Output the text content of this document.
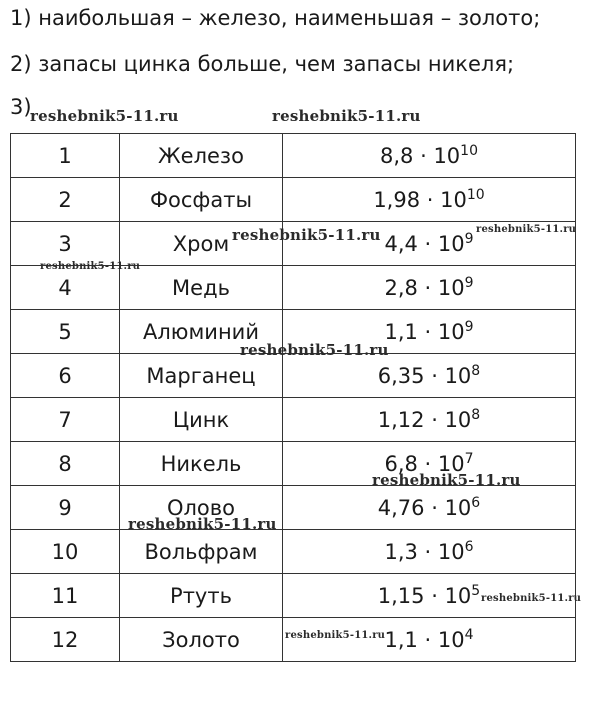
1) наибольшая – железо, наименьшая – золото;
2) запасы цинка больше, чем запасы никеля;
3)
1	Железо	$8,8 \cdot 10^{10}$
2	Фосфаты	$1,98 \cdot 10^{10}$
3	Хром	$4,4 \cdot 10^9$
4	Медь	$2,8 \cdot 10^9$
5	Алюминий	$1,1 \cdot 10^9$
6	Марганец	$6,35 \cdot 10^8$
7	Цинк	$1,12 \cdot 10^8$
8	Никель	$6,8 \cdot 10^7$
9	Олово	$4,76 \cdot 10^6$
10	Вольфрам	$1,3 \cdot 10^6$
11	Ртуть	$1,15 \cdot 10^5$
12	Золото	$1,1 \cdot 10^4$
reshebnik5-11.ru	reshebnik5-11.ru
reshebnik5-11.ru	reshebnik5-11.ru
reshebnik5-11.ru
reshebnik5-11.ru
reshebnik5-11.ru
reshebnik5-11.ru
reshebnik5-11.ru
reshebnik5-11.ru
